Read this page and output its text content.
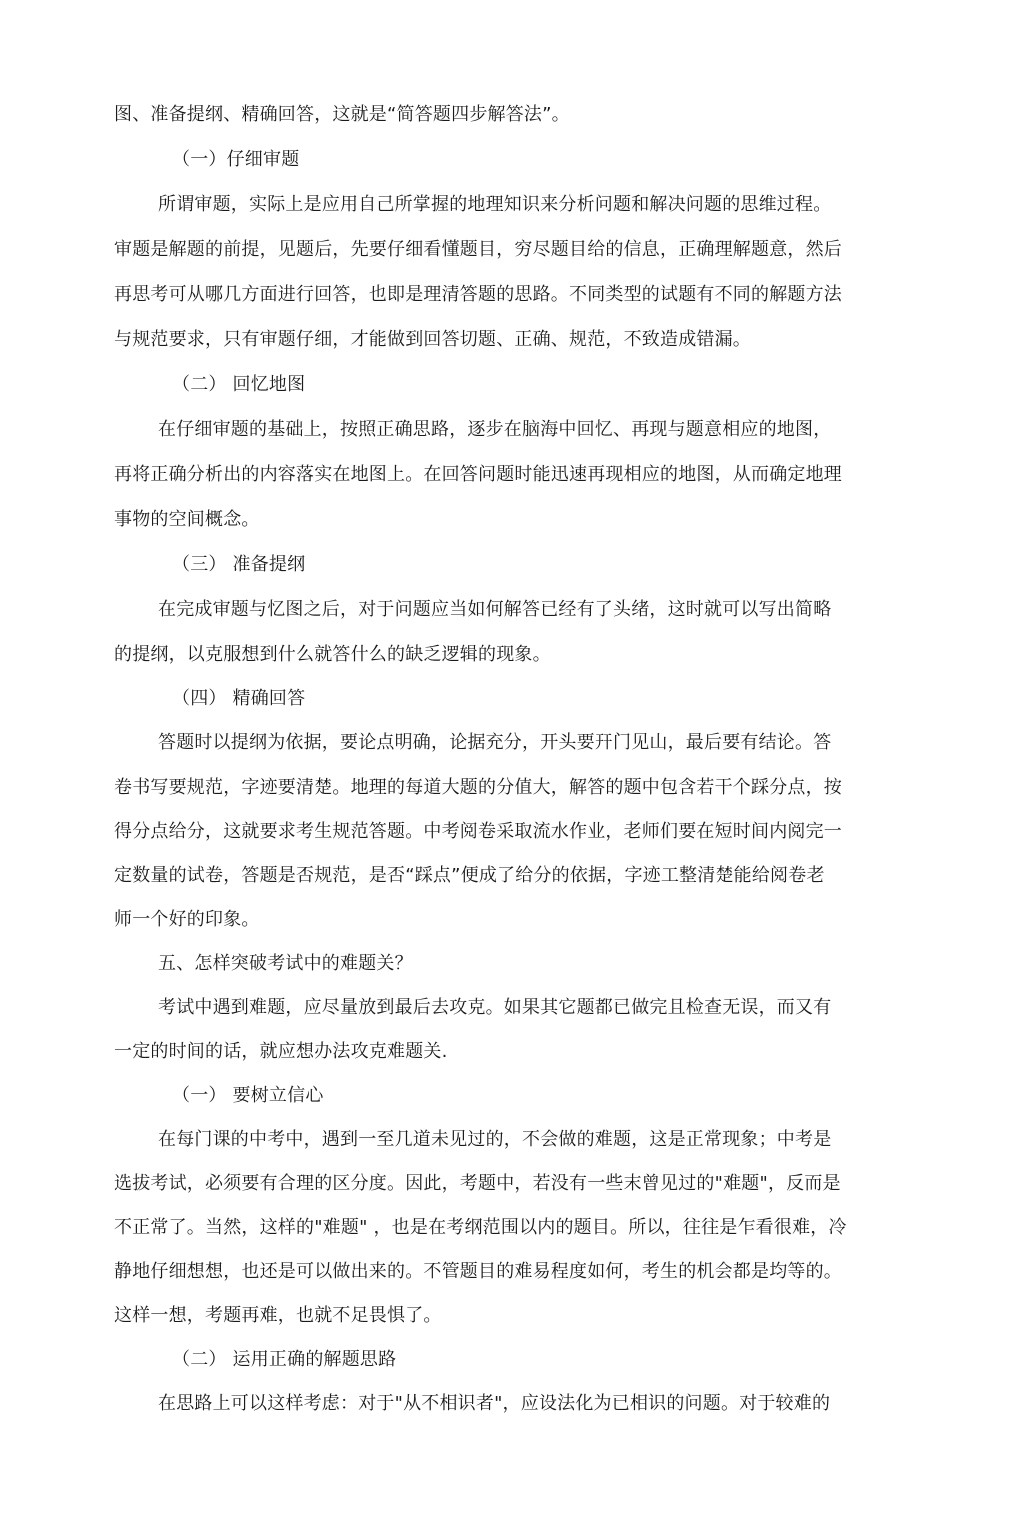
图、准备提纲、精确回答，这就是“简答题四步解答法”。
（一）仔细审题
所谓审题，实际上是应用自己所掌握的地理知识来分析问题和解决问题的思维过程。
审题是解题的前提，见题后，先要仔细看懂题目，穷尽题目给的信息，正确理解题意，然后
再思考可从哪几方面进行回答，也即是理清答题的思路。不同类型的试题有不同的解题方法
与规范要求，只有审题仔细，才能做到回答切题、正确、规范，不致造成错漏。
（二） 回忆地图
在仔细审题的基础上，按照正确思路，逐步在脑海中回忆、再现与题意相应的地图，
再将正确分析出的内容落实在地图上。在回答问题时能迅速再现相应的地图，从而确定地理
事物的空间概念。
（三） 准备提纲
在完成审题与忆图之后，对于问题应当如何解答已经有了头绪，这时就可以写出简略
的提纲，以克服想到什么就答什么的缺乏逻辑的现象。
（四） 精确回答
答题时以提纲为依据，要论点明确，论据充分，开头要幵门见山，最后要有结论。答
卷书写要规范，字迹要清楚。地理的每道大题的分值大，解答的题中包含若干个踩分点，按
得分点给分，这就要求考生规范答题。中考阅卷采取流水作业，老师们要在短时间内阅完一
定数量的试卷，答题是否规范，是否“踩点”便成了给分的依据，字迹工整清楚能给阅卷老
师一个好的印象。
五、怎样突破考试中的难题关？
考试中遇到难题，应尽量放到最后去攻克。如果其它题都已做完且检查无误，而又有
一定的时间的话，就应想办法攻克难题关.
（一） 要树立信心
在每门课的中考中，遇到一至几道未见过的，不会做的难题，这是正常现象；中考是
选拔考试，必须要有合理的区分度。因此，考题中，若没有一些末曾见过的"难题"，反而是
不正常了。当然，这样的"难题" ，也是在考纲范围以内的题目。所以，往往是乍看很难，冷
静地仔细想想，也还是可以做出来的。不管题目的难易程度如何，考生的机会都是均等的。
这样一想，考题再难，也就不足畏惧了。
（二） 运用正确的解题思路
在思路上可以这样考虑：对于"从不相识者"，应设法化为已相识的问题。对于较难的
